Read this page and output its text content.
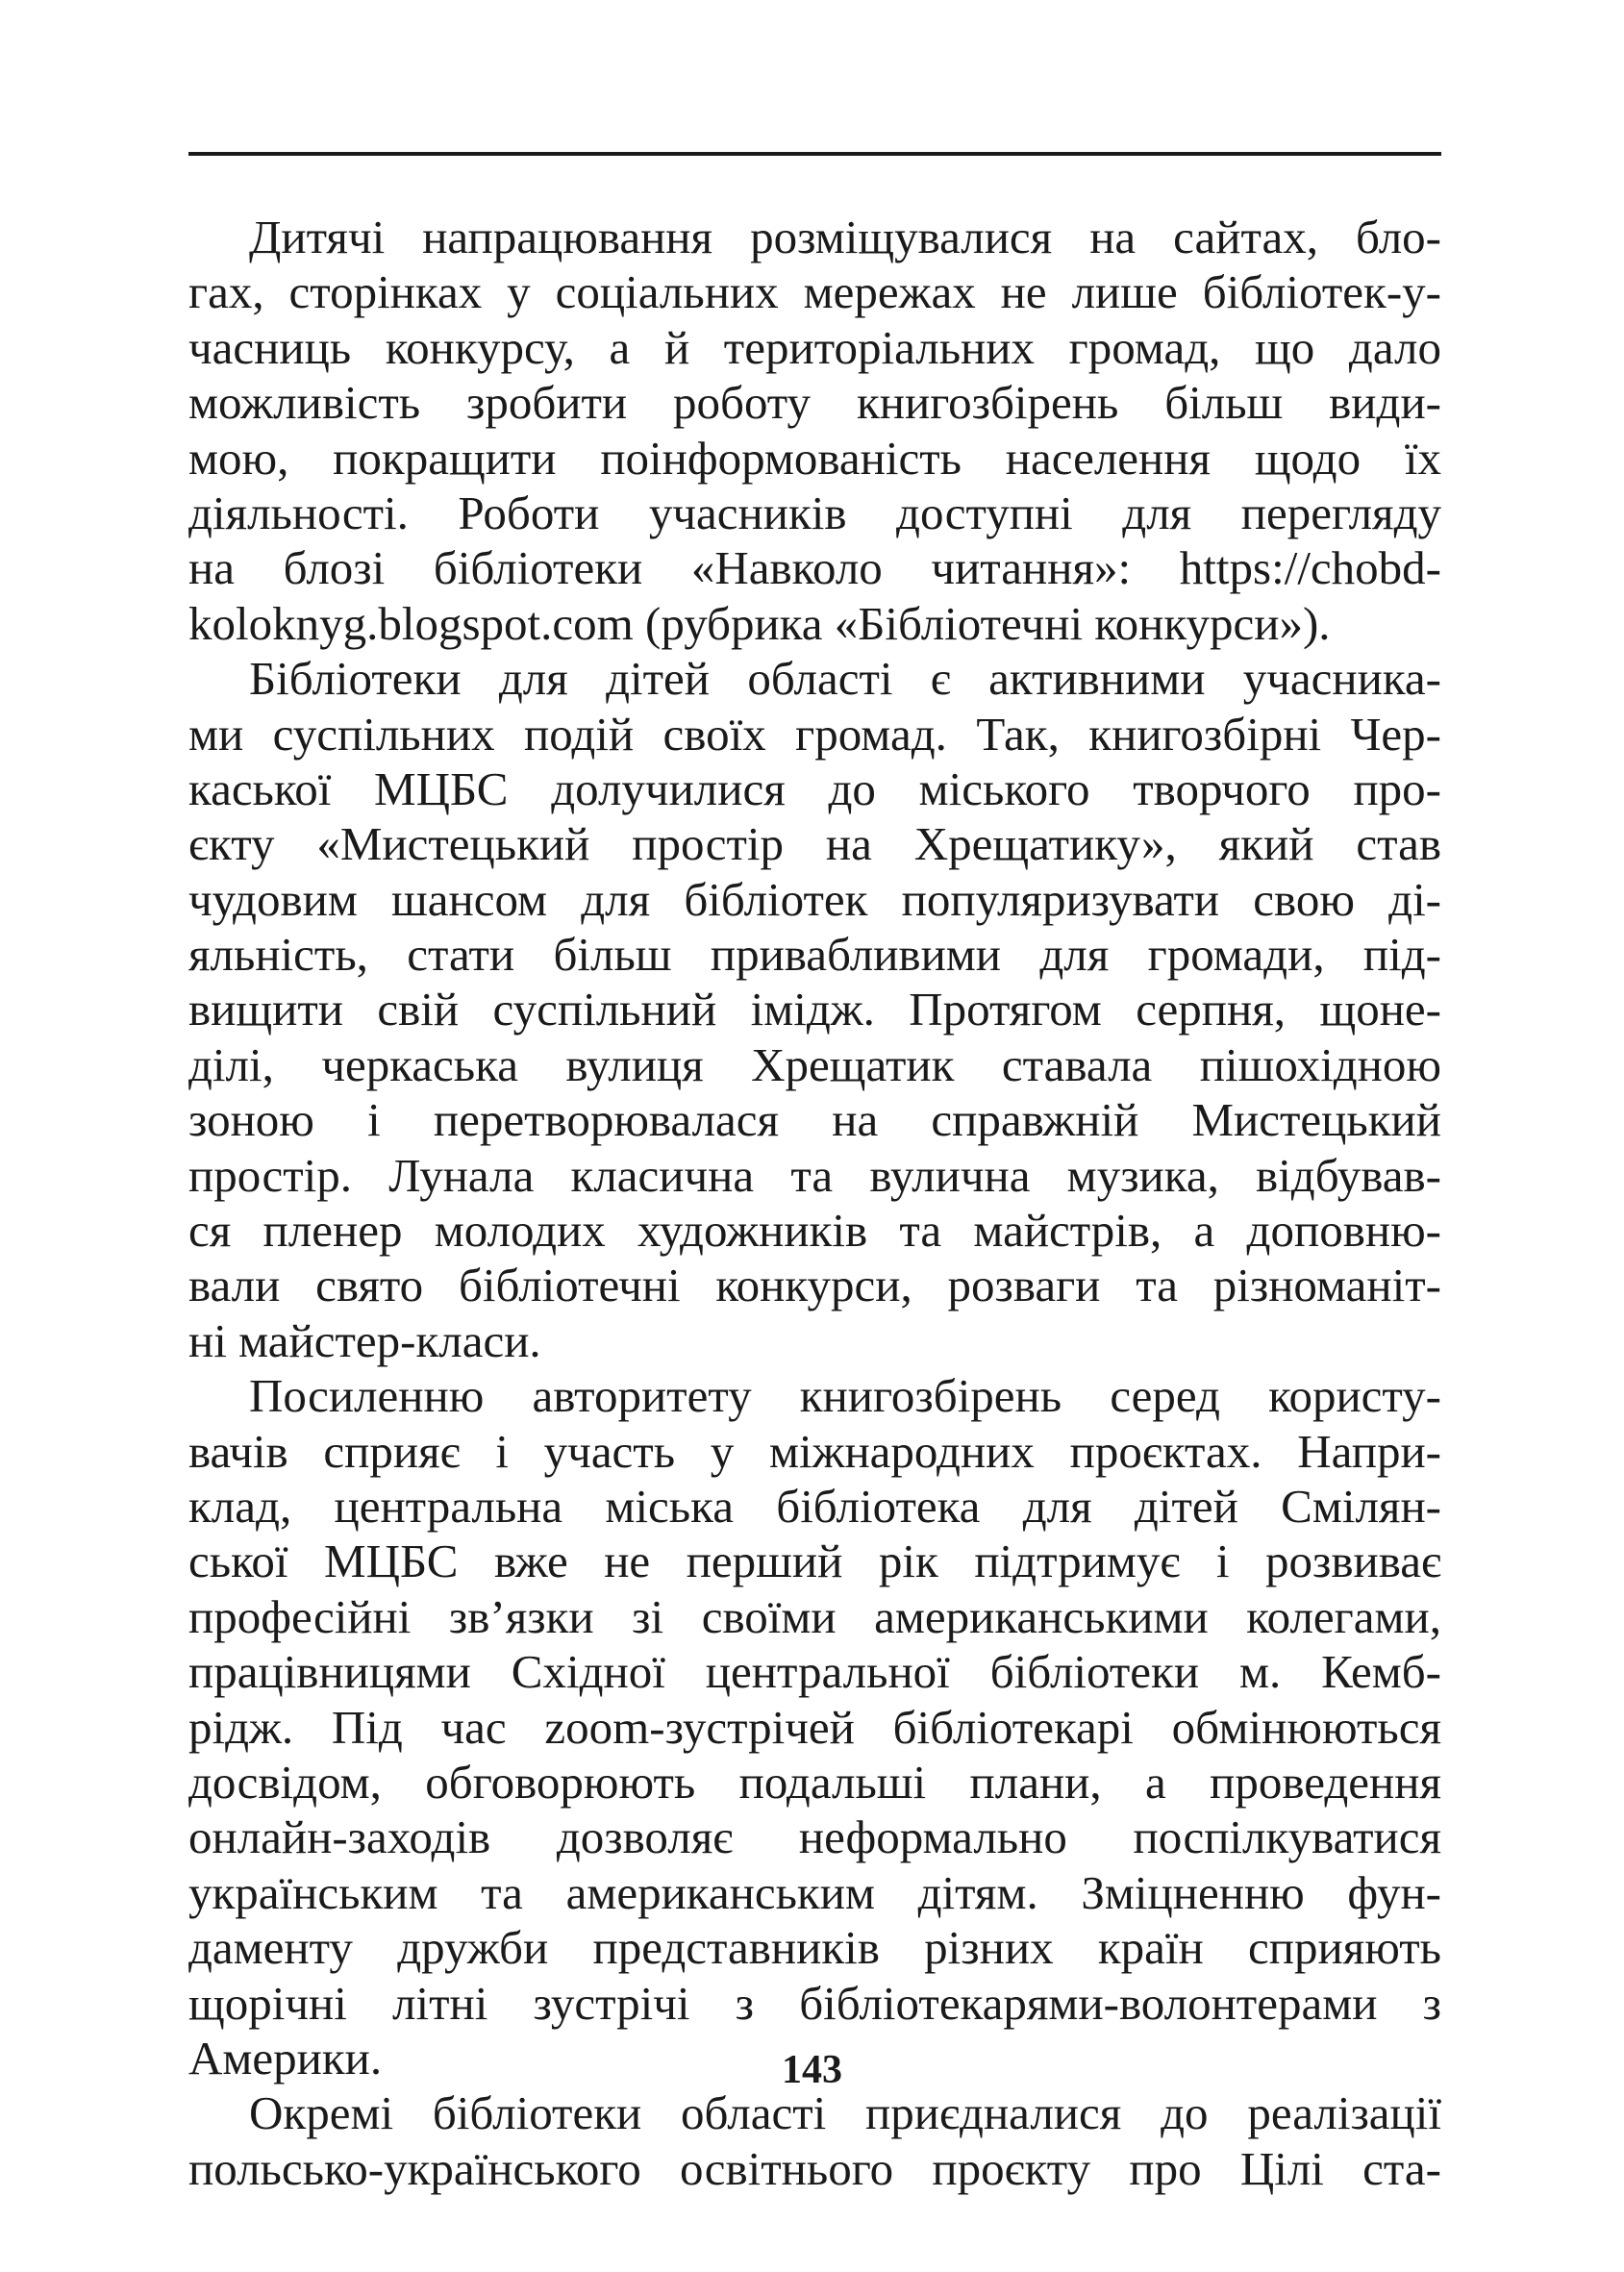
Дитячі напрацювання розміщувалися на сайтах, бло-
гах, сторінках у соціальних мережах не лише бібліотек-у-
часниць конкурсу, а й територіальних громад, що дало
можливість зробити роботу книгозбірень більш види-
мою, покращити поінформованість населення щодо їх
діяльності. Роботи учасників доступні для перегляду
на блозі бібліотеки «Навколо читання»: https://chobd-
koloknyg.blogspot.com (рубрика «Бібліотечні конкурси»).
Бібліотеки для дітей області є активними учасника-
ми суспільних подій своїх громад. Так, книгозбірні Чер-
каської МЦБС долучилися до міського творчого про-
єкту «Мистецький простір на Хрещатику», який став
чудовим шансом для бібліотек популяризувати свою ді-
яльність, стати більш привабливими для громади, під-
вищити свій суспільний імідж. Протягом серпня, щоне-
ділі, черкаська вулиця Хрещатик ставала пішохідною
зоною і перетворювалася на справжній Мистецький
простір. Лунала класична та вулична музика, відбував-
ся пленер молодих художників та майстрів, а доповню-
вали свято бібліотечні конкурси, розваги та різноманіт-
ні майстер-класи.
Посиленню авторитету книгозбірень серед користу-
вачів сприяє і участь у міжнародних проєктах. Напри-
клад, центральна міська бібліотека для дітей Смілян-
ської МЦБС вже не перший рік підтримує і розвиває
професійні зв’язки зі своїми американськими колегами,
працівницями Східної центральної бібліотеки м. Кемб-
рідж. Під час zoom-зустрічей бібліотекарі обмінюються
досвідом, обговорюють подальші плани, а проведення
онлайн-заходів дозволяє неформально поспілкуватися
українським та американським дітям. Зміцненню фун-
даменту дружби представників різних країн сприяють
щорічні літні зустрічі з бібліотекарями-волонтерами з
Америки.
Окремі бібліотеки області приєдналися до реалізації
польсько-українського освітнього проєкту про Цілі ста-
143
